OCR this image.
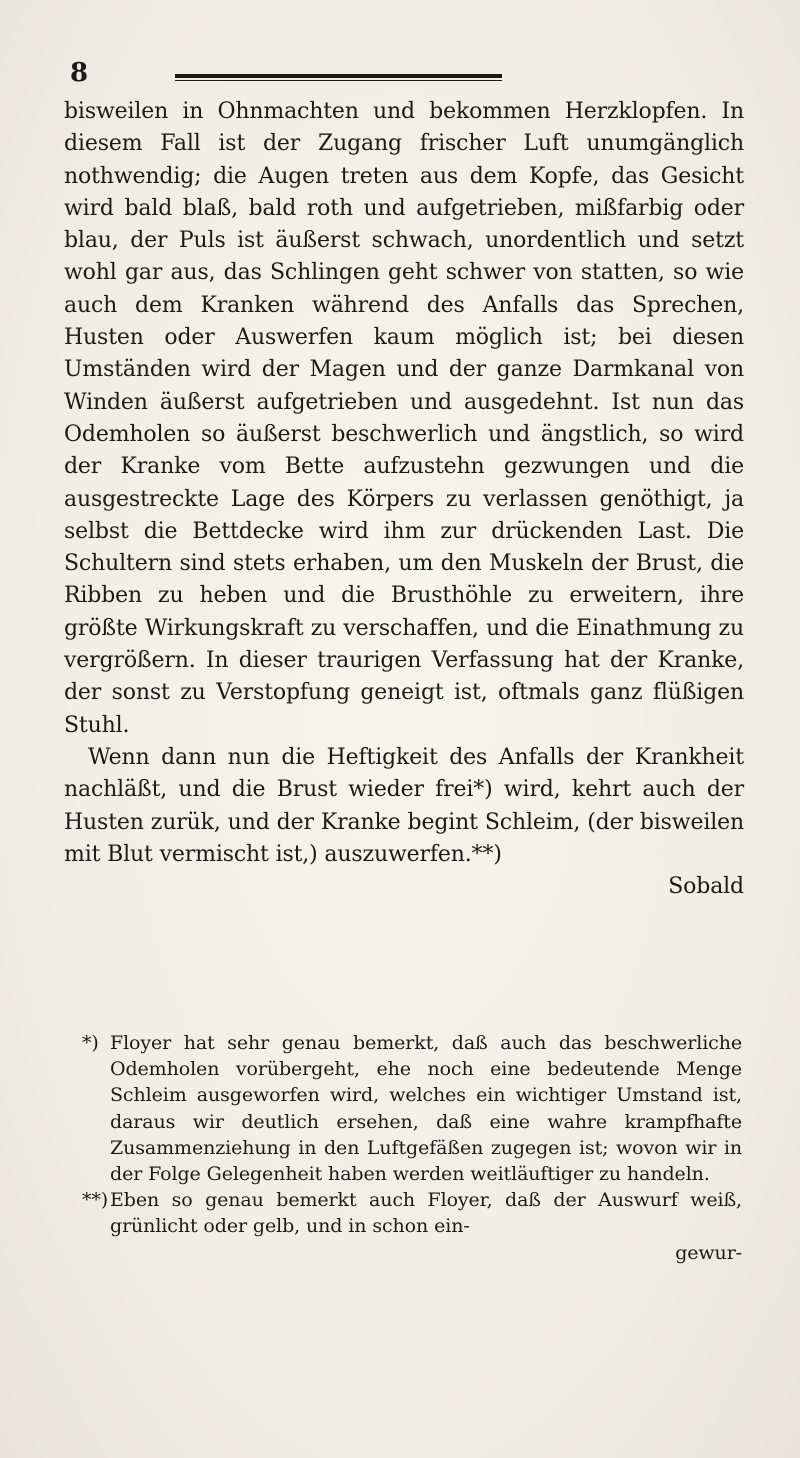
8

bisweilen in Ohnmachten und bekommen Herzklopfen. In diesem Fall ist der Zugang frischer Luft unumgänglich nothwendig; die Augen treten aus dem Kopfe, das Gesicht wird bald blaß, bald roth und aufgetrieben, mißfarbig oder blau, der Puls ist äußerst schwach, unordentlich und setzt wohl gar aus, das Schlingen geht schwer von statten, so wie auch dem Kranken während des Anfalls das Sprechen, Husten oder Auswerfen kaum möglich ist; bei diesen Umständen wird der Magen und der ganze Darmkanal von Winden äußerst aufgetrieben und ausgedehnt. Ist nun das Odemholen so äußerst beschwerlich und ängstlich, so wird der Kranke vom Bette aufzustehn gezwungen und die ausgestreckte Lage des Körpers zu verlassen genöthigt, ja selbst die Bettdecke wird ihm zur drückenden Last. Die Schultern sind stets erhaben, um den Muskeln der Brust, die Ribben zu heben und die Brusthöhle zu erweitern, ihre größte Wirkungskraft zu verschaffen, und die Einathmung zu vergrößern. In dieser traurigen Verfassung hat der Kranke, der sonst zu Verstopfung geneigt ist, oftmals ganz flüßigen Stuhl.

Wenn dann nun die Heftigkeit des Anfalls der Krankheit nachläßt, und die Brust wieder frei*) wird, kehrt auch der Husten zurük, und der Kranke begint Schleim, (der bisweilen mit Blut vermischt ist,) auszuwerfen.**)

Sobald

*) Floyer hat sehr genau bemerkt, daß auch das beschwerliche Odemholen vorübergeht, ehe noch eine bedeutende Menge Schleim ausgeworfen wird, welches ein wichtiger Umstand ist, daraus wir deutlich ersehen, daß eine wahre krampfhafte Zusammenziehung in den Luftgefäßen zugegen ist; wovon wir in der Folge Gelegenheit haben werden weitläuftiger zu handeln.

**)Eben so genau bemerkt auch Floyer, daß der Auswurf weiß, grünlicht oder gelb, und in schon ein-
gewur-
